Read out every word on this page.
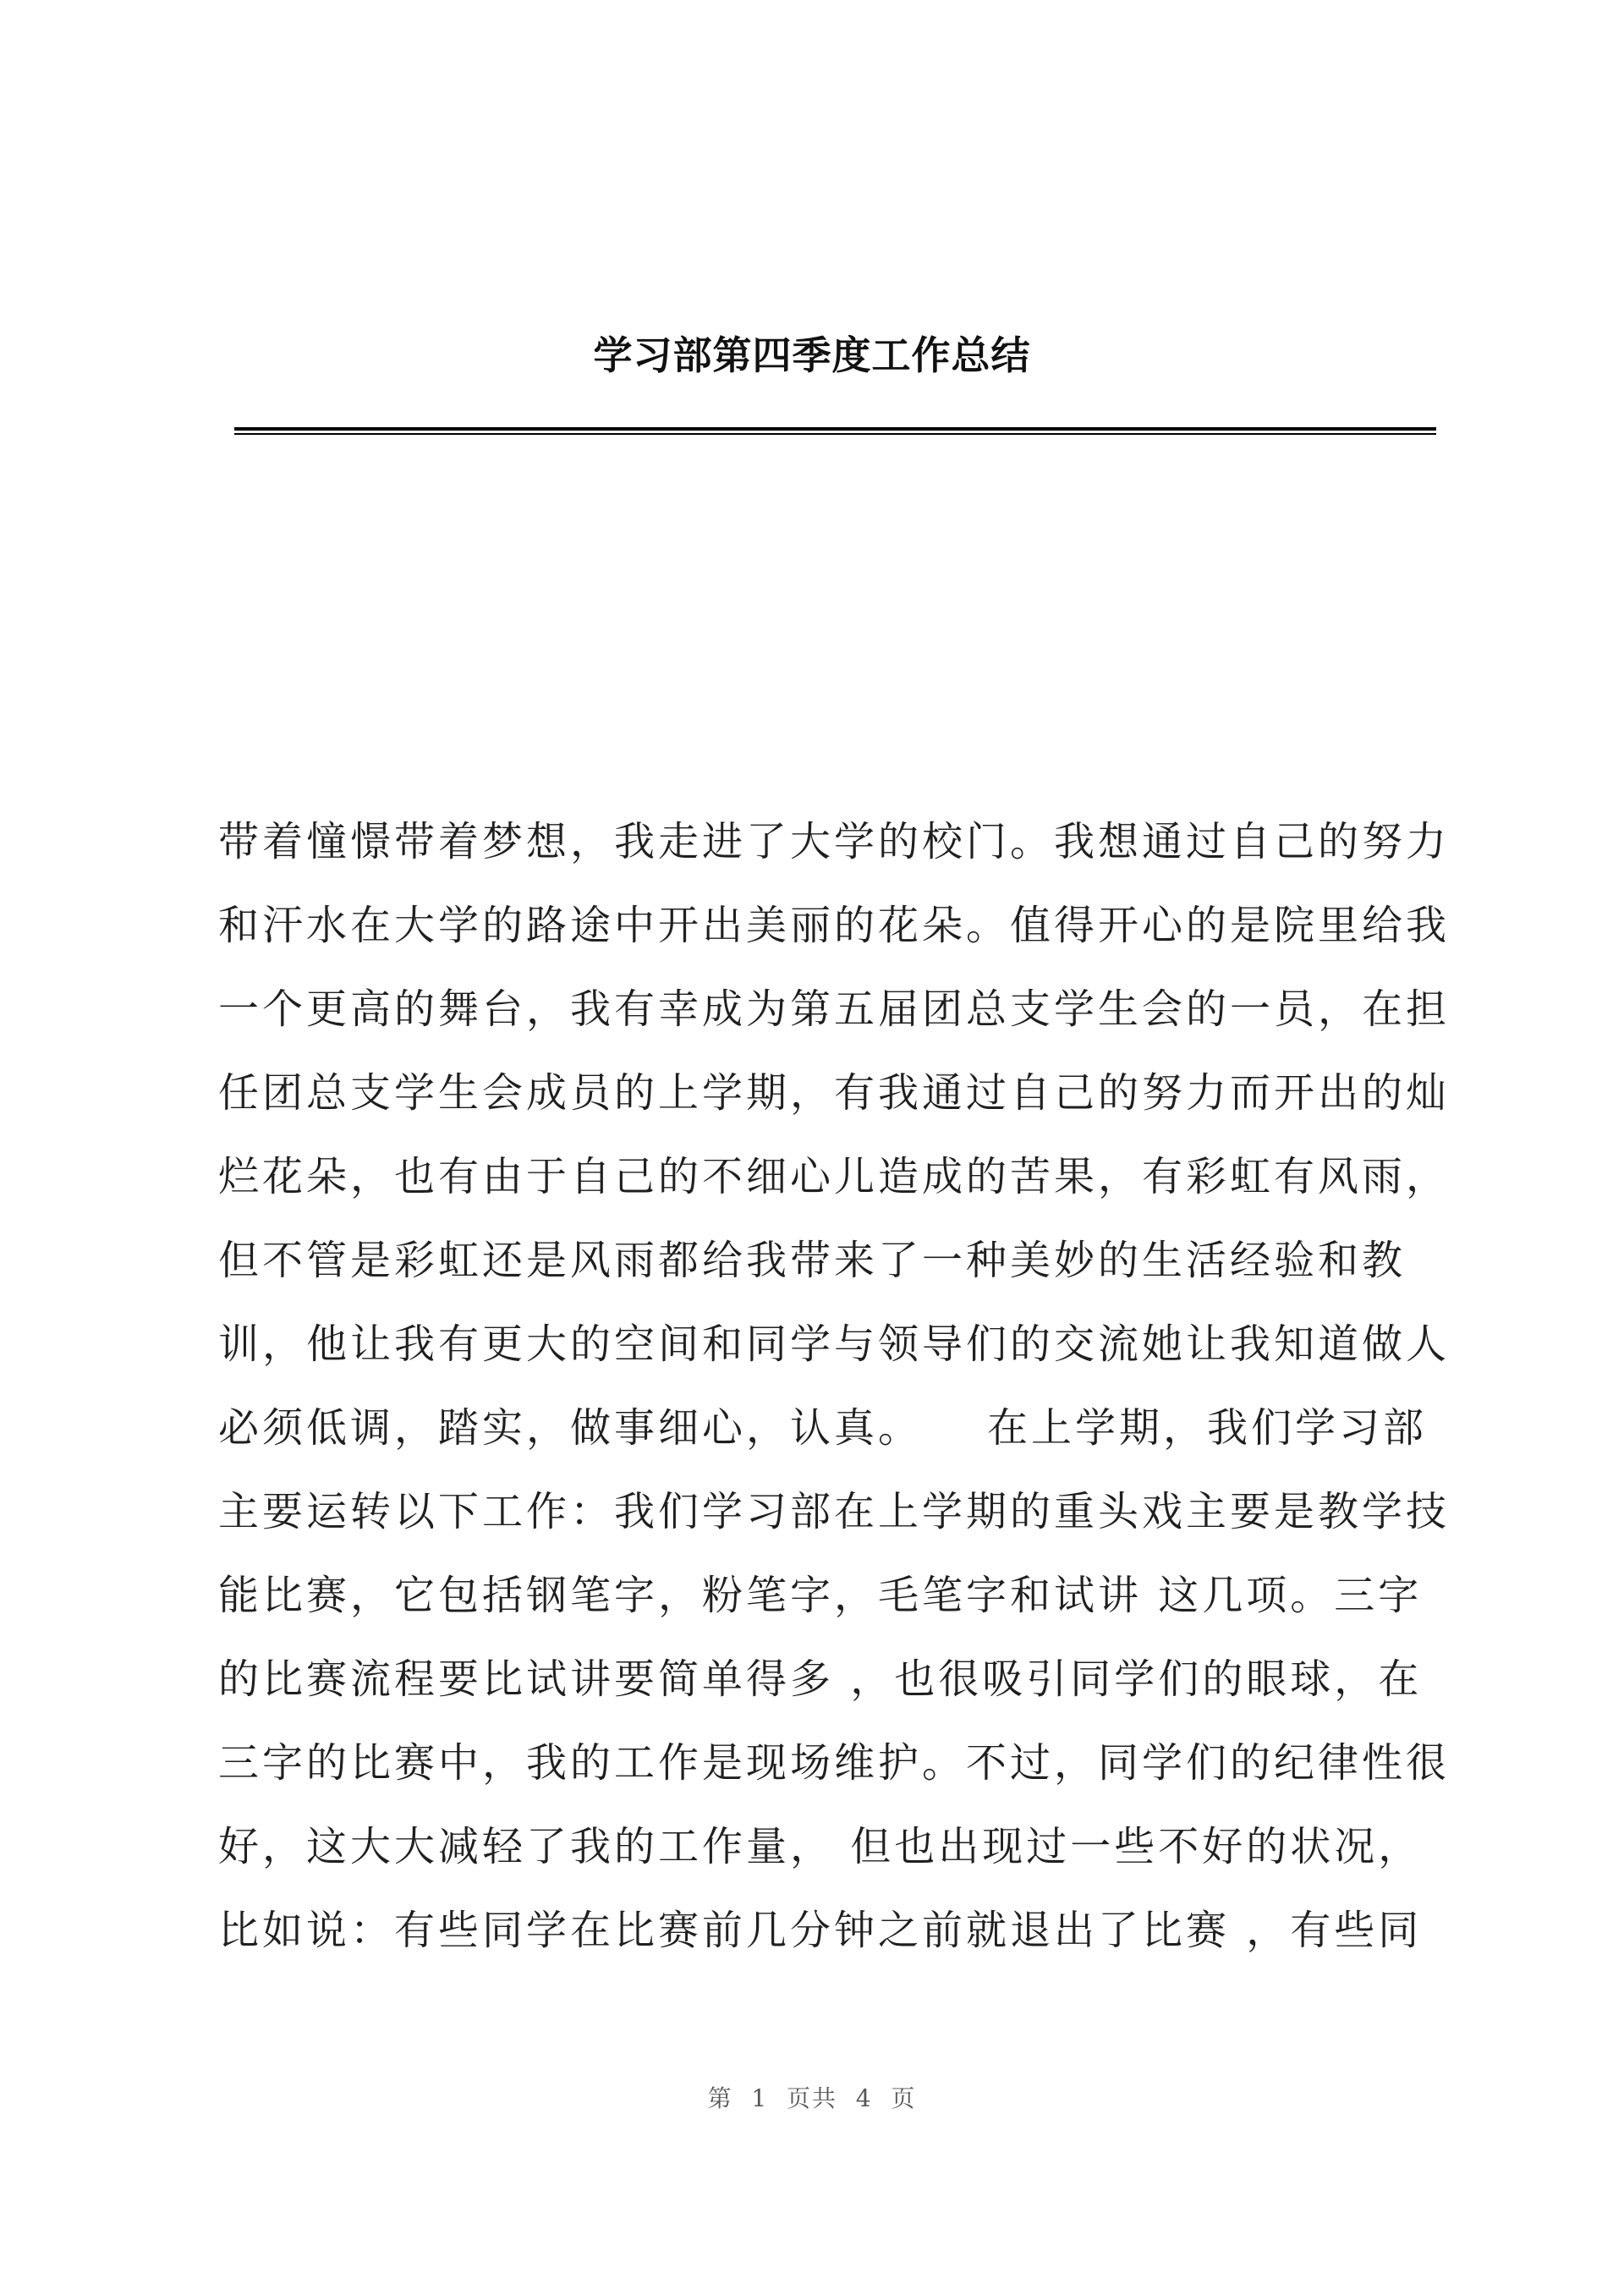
学习部第四季度工作总结
带着憧憬带着梦想，我走进了大学的校门。我想通过自己的努力
和汗水在大学的路途中开出美丽的花朵。值得开心的是院里给我
一个更高的舞台，我有幸成为第五届团总支学生会的一员，在担
任团总支学生会成员的上学期，有我通过自己的努力而开出的灿
烂花朵，也有由于自己的不细心儿造成的苦果，有彩虹有风雨，
但不管是彩虹还是风雨都给我带来了一种美妙的生活经验和教
训，他让我有更大的空间和同学与领导们的交流她让我知道做人
必须低调，踏实，做事细心，认真。    在上学期，我们学习部
主要运转以下工作：我们学习部在上学期的重头戏主要是教学技
能比赛，它包括钢笔字，粉笔字，毛笔字和试讲 这几项。三字
的比赛流程要比试讲要简单得多 ，也很吸引同学们的眼球，在
三字的比赛中，我的工作是现场维护。不过，同学们的纪律性很
好，这大大减轻了我的工作量， 但也出现过一些不好的状况，
比如说：有些同学在比赛前几分钟之前就退出了比赛 ，有些同
第  1  页共  4  页
